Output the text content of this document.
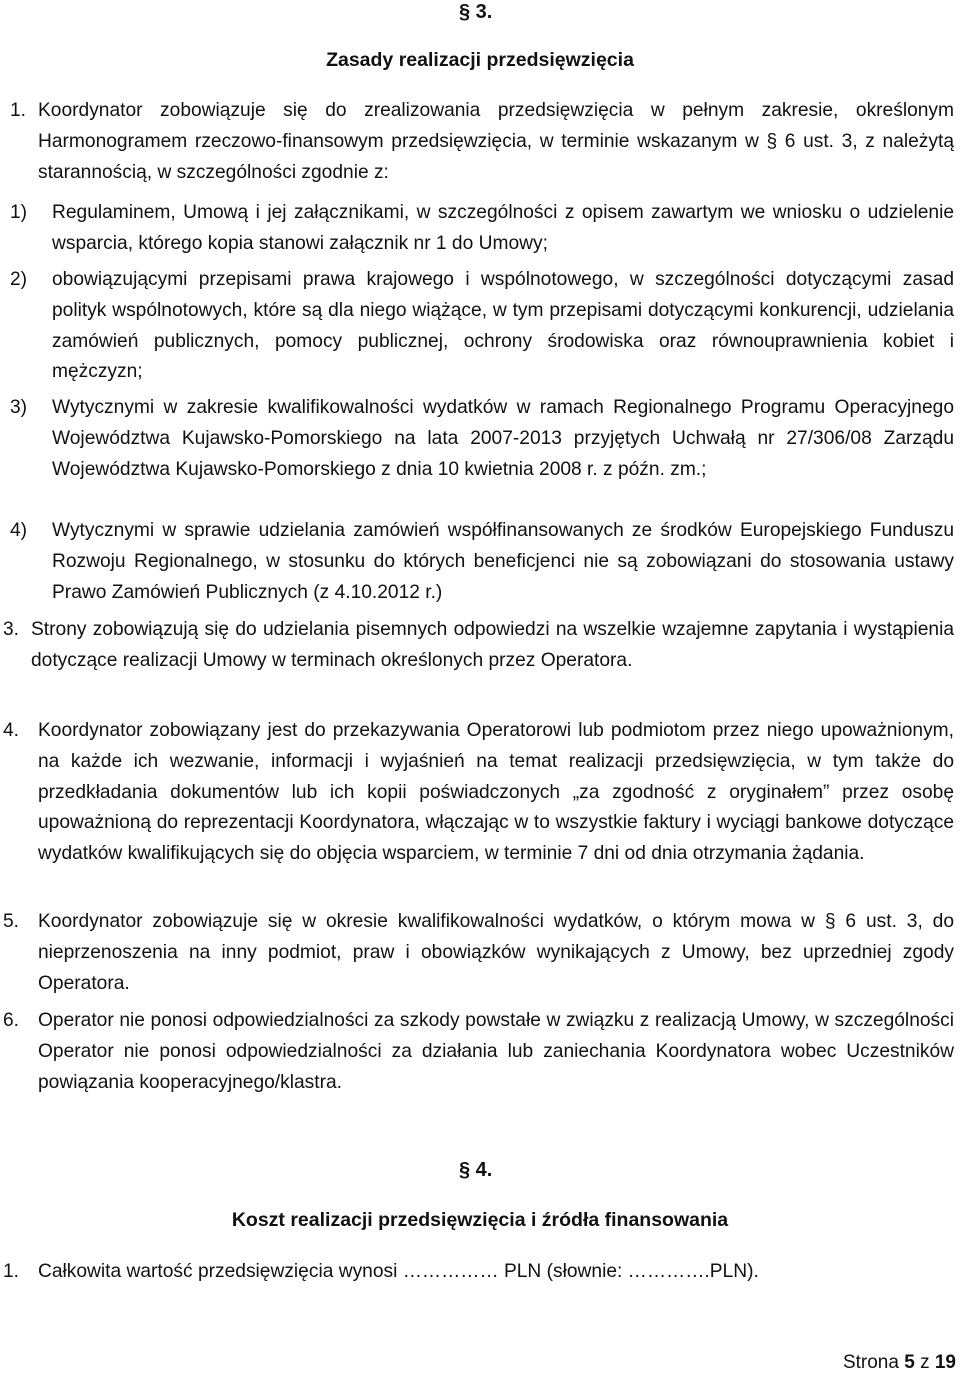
§ 3.
Zasady realizacji przedsięwzięcia
1. Koordynator zobowiązuje się do zrealizowania przedsięwzięcia w pełnym zakresie, określonym Harmonogramem rzeczowo-finansowym przedsięwzięcia, w terminie wskazanym w § 6 ust. 3, z należytą starannością, w szczególności zgodnie z:
1) Regulaminem, Umową i jej załącznikami, w szczególności z opisem zawartym we wniosku o udzielenie wsparcia, którego kopia stanowi załącznik nr 1 do Umowy;
2) obowiązującymi przepisami prawa krajowego i wspólnotowego, w szczególności dotyczącymi zasad polityk wspólnotowych, które są dla niego wiążące, w tym przepisami dotyczącymi konkurencji, udzielania zamówień publicznych, pomocy publicznej, ochrony środowiska oraz równouprawnienia kobiet i mężczyzn;
3) Wytycznymi w zakresie kwalifikowalności wydatków w ramach Regionalnego Programu Operacyjnego Województwa Kujawsko-Pomorskiego na lata 2007-2013 przyjętych Uchwałą nr 27/306/08 Zarządu Województwa Kujawsko-Pomorskiego z dnia 10 kwietnia 2008 r. z późn. zm.;
4) Wytycznymi w sprawie udzielania zamówień współfinansowanych ze środków Europejskiego Funduszu Rozwoju Regionalnego, w stosunku do których beneficjenci nie są zobowiązani do stosowania ustawy Prawo Zamówień Publicznych (z 4.10.2012 r.)
3. Strony zobowiązują się do udzielania pisemnych odpowiedzi na wszelkie wzajemne zapytania i wystąpienia dotyczące realizacji Umowy w terminach określonych przez Operatora.
4. Koordynator zobowiązany jest do przekazywania Operatorowi lub podmiotom przez niego upoważnionym, na każde ich wezwanie, informacji i wyjaśnień na temat realizacji przedsięwzięcia, w tym także do przedkładania dokumentów lub ich kopii poświadczonych „za zgodność z oryginałem” przez osobę upoważnioną do reprezentacji Koordynatora, włączając w to wszystkie faktury i wyciągi bankowe dotyczące wydatków kwalifikujących się do objęcia wsparciem, w terminie 7 dni od dnia otrzymania żądania.
5. Koordynator zobowiązuje się w okresie kwalifikowalności wydatków, o którym mowa w § 6 ust. 3, do nieprzenoszenia na inny podmiot, praw i obowiązków wynikających z Umowy, bez uprzedniej zgody Operatora.
6. Operator nie ponosi odpowiedzialności za szkody powstałe w związku z realizacją Umowy, w szczególności Operator nie ponosi odpowiedzialności za działania lub zaniechania Koordynatora wobec Uczestników powiązania kooperacyjnego/klastra.
§ 4.
Koszt realizacji przedsięwzięcia i źródła finansowania
1. Całkowita wartość przedsięwzięcia wynosi …………… PLN (słownie: ………….PLN).
Strona 5 z 19
